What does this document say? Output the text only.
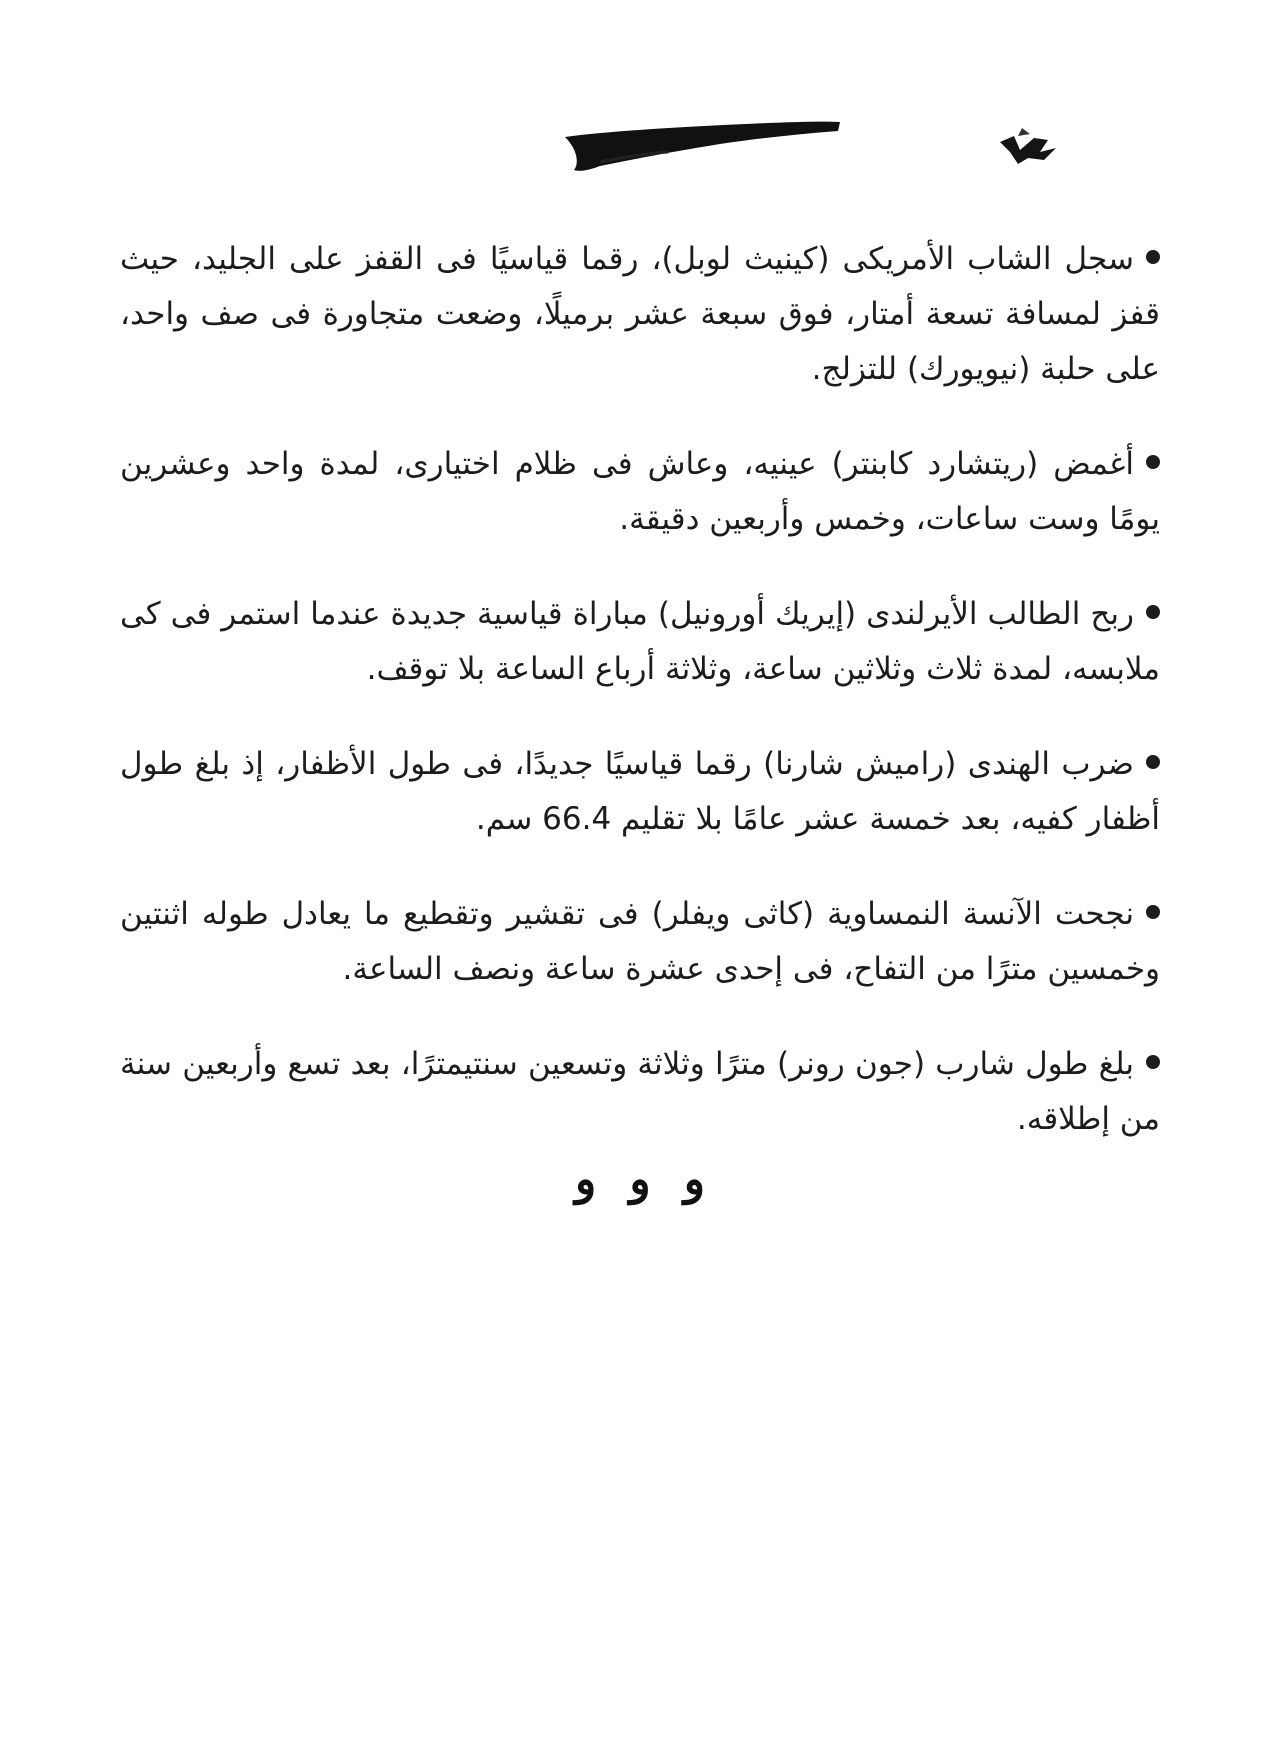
سجل الشاب الأمريكى (كينيث لوبل)، رقما قياسيًا فى القفز على الجليد، حيث قفز لمسافة تسعة أمتار، فوق سبعة عشر برميلًا، وضعت متجاورة فى صف واحد، على حلبة (نيويورك) للتزلج.

أغمض (ريتشارد كابنتر) عينيه، وعاش فى ظلام اختيارى، لمدة واحد وعشرين يومًا وست ساعات، وخمس وأربعين دقيقة.

ربح الطالب الأيرلندى (إيريك أورونيل) مباراة قياسية جديدة عندما استمر فى كى ملابسه، لمدة ثلاث وثلاثين ساعة، وثلاثة أرباع الساعة بلا توقف.

ضرب الهندى (راميش شارنا) رقما قياسيًا جديدًا، فى طول الأظفار، إذ بلغ طول أظفار كفيه، بعد خمسة عشر عامًا بلا تقليم 66.4 سم.

نجحت الآنسة النمساوية (كاثى ويفلر) فى تقشير وتقطيع ما يعادل طوله اثنتين وخمسين مترًا من التفاح، فى إحدى عشرة ساعة ونصف الساعة.

بلغ طول شارب (جون رونر) مترًا وثلاثة وتسعين سنتيمترًا، بعد تسع وأربعين سنة من إطلاقه.

و و و
